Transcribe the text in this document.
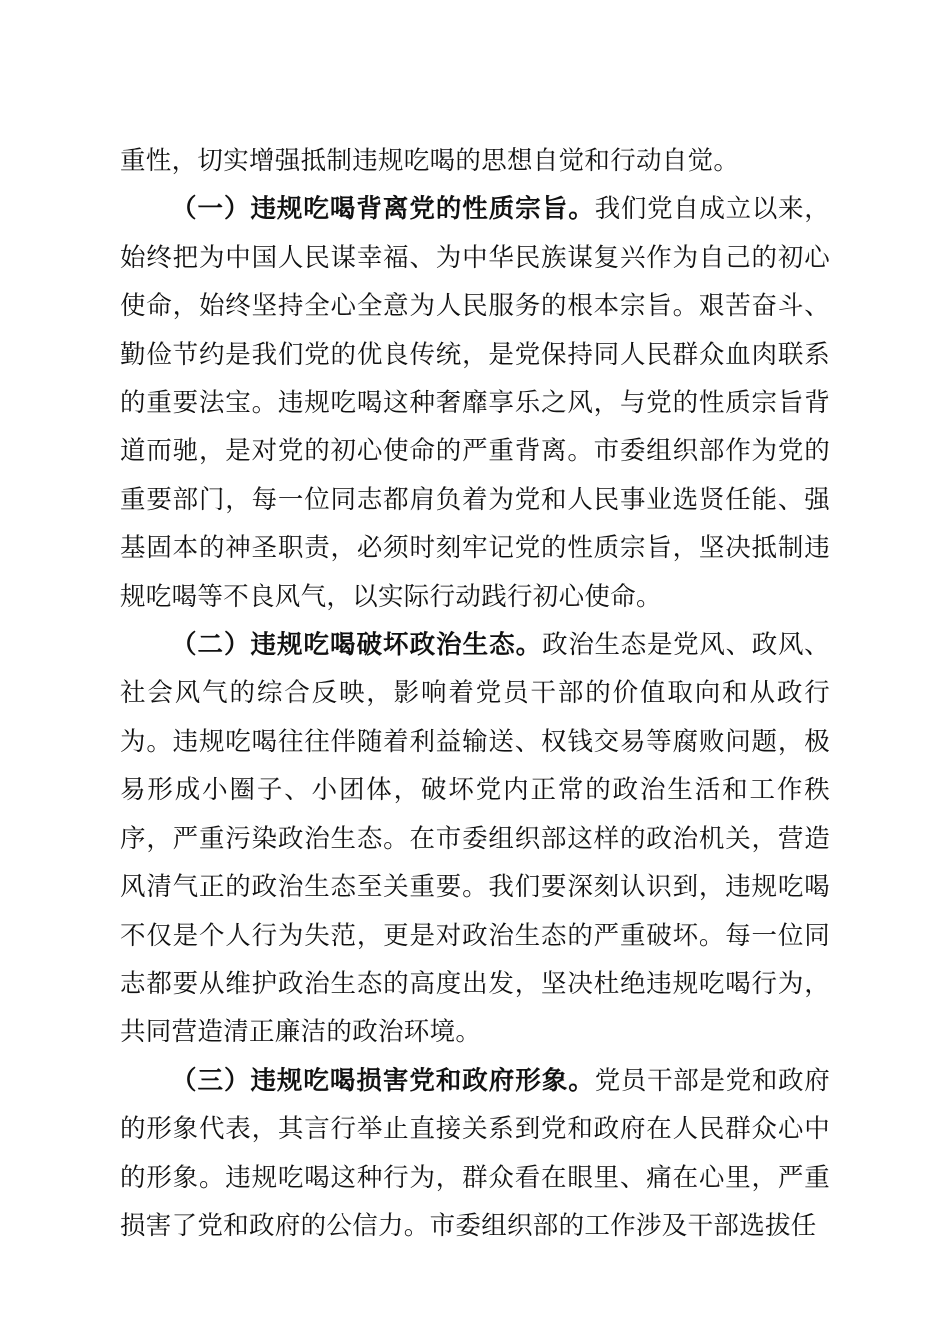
重性，切实增强抵制违规吃喝的思想自觉和行动自觉。

（一）违规吃喝背离党的性质宗旨。我们党自成立以来，始终把为中国人民谋幸福、为中华民族谋复兴作为自己的初心使命，始终坚持全心全意为人民服务的根本宗旨。艰苦奋斗、勤俭节约是我们党的优良传统，是党保持同人民群众血肉联系的重要法宝。违规吃喝这种奢靡享乐之风，与党的性质宗旨背道而驰，是对党的初心使命的严重背离。市委组织部作为党的重要部门，每一位同志都肩负着为党和人民事业选贤任能、强基固本的神圣职责，必须时刻牢记党的性质宗旨，坚决抵制违规吃喝等不良风气，以实际行动践行初心使命。

（二）违规吃喝破坏政治生态。政治生态是党风、政风、社会风气的综合反映，影响着党员干部的价值取向和从政行为。违规吃喝往往伴随着利益输送、权钱交易等腐败问题，极易形成小圈子、小团体，破坏党内正常的政治生活和工作秩序，严重污染政治生态。在市委组织部这样的政治机关，营造风清气正的政治生态至关重要。我们要深刻认识到，违规吃喝不仅是个人行为失范，更是对政治生态的严重破坏。每一位同志都要从维护政治生态的高度出发，坚决杜绝违规吃喝行为，共同营造清正廉洁的政治环境。

（三）违规吃喝损害党和政府形象。党员干部是党和政府的形象代表，其言行举止直接关系到党和政府在人民群众心中的形象。违规吃喝这种行为，群众看在眼里、痛在心里，严重损害了党和政府的公信力。市委组织部的工作涉及干部选拔任
